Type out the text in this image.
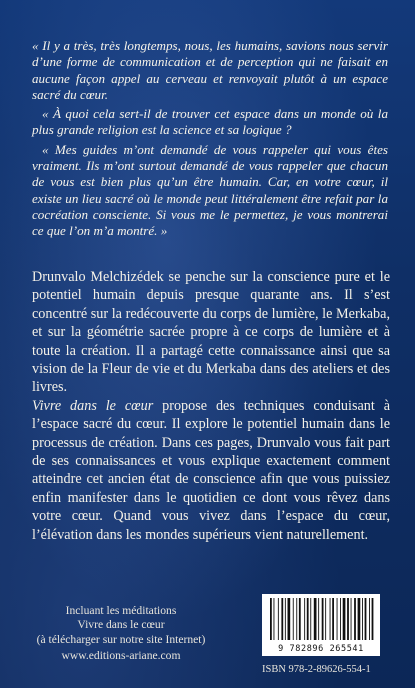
« Il y a très, très longtemps, nous, les humains, savions nous servir d’une forme de communication et de perception qui ne faisait en aucune façon appel au cerveau et renvoyait plutôt à un espace sacré du cœur.

« À quoi cela sert-il de trouver cet espace dans un monde où la plus grande religion est la science et sa logique ?

« Mes guides m’ont demandé de vous rappeler qui vous êtes vraiment. Ils m’ont surtout demandé de vous rappeler que chacun de vous est bien plus qu’un être humain. Car, en votre cœur, il existe un lieu sacré où le monde peut littéralement être refait par la cocréation consciente. Si vous me le permettez, je vous montrerai ce que l’on m’a montré. »

Drunvalo Melchizédek se penche sur la conscience pure et le potentiel humain depuis presque quarante ans. Il s’est concentré sur la redécouverte du corps de lumière, le Merkaba, et sur la géométrie sacrée propre à ce corps de lumière et à toute la création. Il a partagé cette connaissance ainsi que sa vision de la Fleur de vie et du Merkaba dans des ateliers et des livres.

Vivre dans le cœur propose des techniques conduisant à l’espace sacré du cœur. Il explore le potentiel humain dans le processus de création. Dans ces pages, Drunvalo vous fait part de ses connaissances et vous explique exactement comment atteindre cet ancien état de conscience afin que vous puissiez enfin manifester dans le quotidien ce dont vous rêvez dans votre cœur. Quand vous vivez dans l’espace du cœur, l’élévation dans les mondes supérieurs vient naturellement.

Incluant les méditations
Vivre dans le cœur
(à télécharger sur notre site Internet)
www.editions-ariane.com
9 782896 265541
ISBN 978-2-89626-554-1
